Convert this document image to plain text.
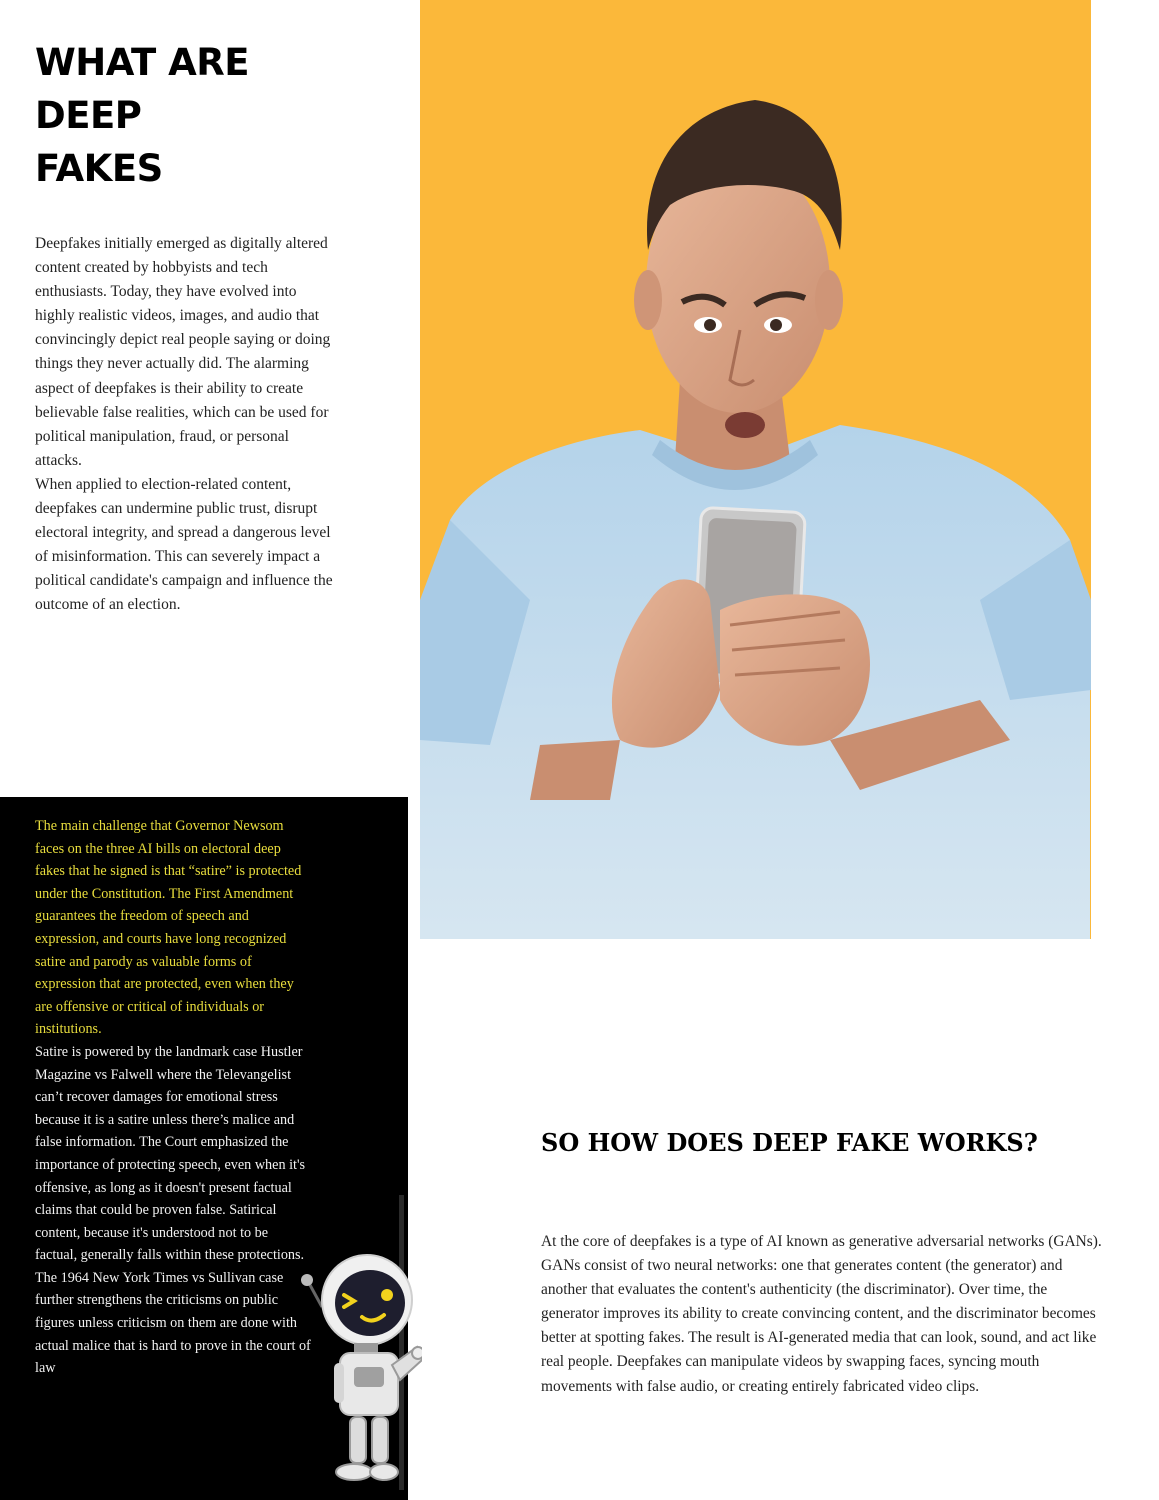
WHAT ARE
DEEP
FAKES

Deepfakes initially emerged as digitally altered content created by hobbyists and tech enthusiasts. Today, they have evolved into highly realistic videos, images, and audio that convincingly depict real people saying or doing things they never actually did. The alarming aspect of deepfakes is their ability to create believable false realities, which can be used for political manipulation, fraud, or personal attacks.

When applied to election-related content, deepfakes can undermine public trust, disrupt electoral integrity, and spread a dangerous level of misinformation. This can severely impact a political candidate's campaign and influence the outcome of an election.

The main challenge that Governor Newsom faces on the three AI bills on electoral deep fakes that he signed is that “satire” is protected under the Constitution. The First Amendment guarantees the freedom of speech and expression, and courts have long recognized satire and parody as valuable forms of expression that are protected, even when they are offensive or critical of individuals or institutions.

Satire is powered by the landmark case Hustler Magazine vs Falwell where the Televangelist can’t recover damages for emotional stress because it is a satire unless there’s malice and false information. The Court emphasized the importance of protecting speech, even when it's offensive, as long as it doesn't present factual claims that could be proven false. Satirical content, because it's understood not to be factual, generally falls within these protections. The 1964 New York Times vs Sullivan case further strengthens the criticisms on public figures unless criticism on them are done with actual malice that is hard to prove in the court of law

SO HOW DOES DEEP FAKE WORKS?

At the core of deepfakes is a type of AI known as generative adversarial networks (GANs). GANs consist of two neural networks: one that generates content (the generator) and another that evaluates the content's authenticity (the discriminator). Over time, the generator improves its ability to create convincing content, and the discriminator becomes better at spotting fakes. The result is AI-generated media that can look, sound, and act like real people. Deepfakes can manipulate videos by swapping faces, syncing mouth movements with false audio, or creating entirely fabricated video clips.
